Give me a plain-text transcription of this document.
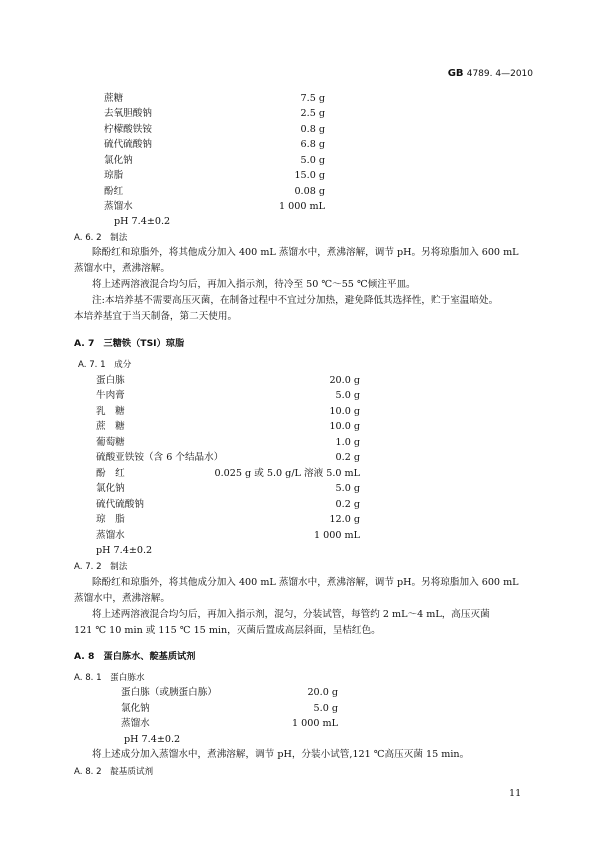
GB 4789. 4—2010
蔗糖	7.5 g
去氧胆酸钠	2.5 g
柠檬酸铁铵	0.8 g
硫代硫酸钠	6.8 g
氯化钠	5.0 g
琼脂	15.0 g
酚红	0.08 g
蒸馏水	1 000 mL
pH 7.4±0.2
A. 6. 2　制法
除酚红和琼脂外，将其他成分加入 400 mL 蒸馏水中，煮沸溶解，调节 pH。另将琼脂加入 600 mL
蒸馏水中，煮沸溶解。
将上述两溶液混合均匀后，再加入指示剂，待冷至 50 ℃～55 ℃倾注平皿。
注:本培养基不需要高压灭菌，在制备过程中不宜过分加热，避免降低其选择性，贮于室温暗处。
本培养基宜于当天制备，第二天使用。
A. 7　三糖铁（TSI）琼脂
A. 7. 1　成分
蛋白胨	20.0 g
牛肉膏	5.0 g
乳　糖	10.0 g
蔗　糖	10.0 g
葡萄糖	1.0 g
硫酸亚铁铵（含 6 个结晶水）	0.2 g
酚　红	0.025 g 或 5.0 g/L 溶液 5.0 mL
氯化钠	5.0 g
硫代硫酸钠	0.2 g
琼　脂	12.0 g
蒸馏水	1 000 mL
pH 7.4±0.2
A. 7. 2　制法
除酚红和琼脂外，将其他成分加入 400 mL 蒸馏水中，煮沸溶解，调节 pH。另将琼脂加入 600 mL
蒸馏水中，煮沸溶解。
将上述两溶液混合均匀后，再加入指示剂，混匀，分装试管，每管约 2 mL～4 mL，高压灭菌
121 ℃ 10 min 或 115 ℃ 15 min，灭菌后置成高层斜面，呈桔红色。
A. 8　蛋白胨水、靛基质试剂
A. 8. 1　蛋白胨水
蛋白胨（或胰蛋白胨）	20.0 g
氯化钠	5.0 g
蒸馏水	1 000 mL
pH 7.4±0.2
将上述成分加入蒸馏水中，煮沸溶解，调节 pH，分装小试管,121 ℃高压灭菌 15 min。
A. 8. 2　靛基质试剂
11
